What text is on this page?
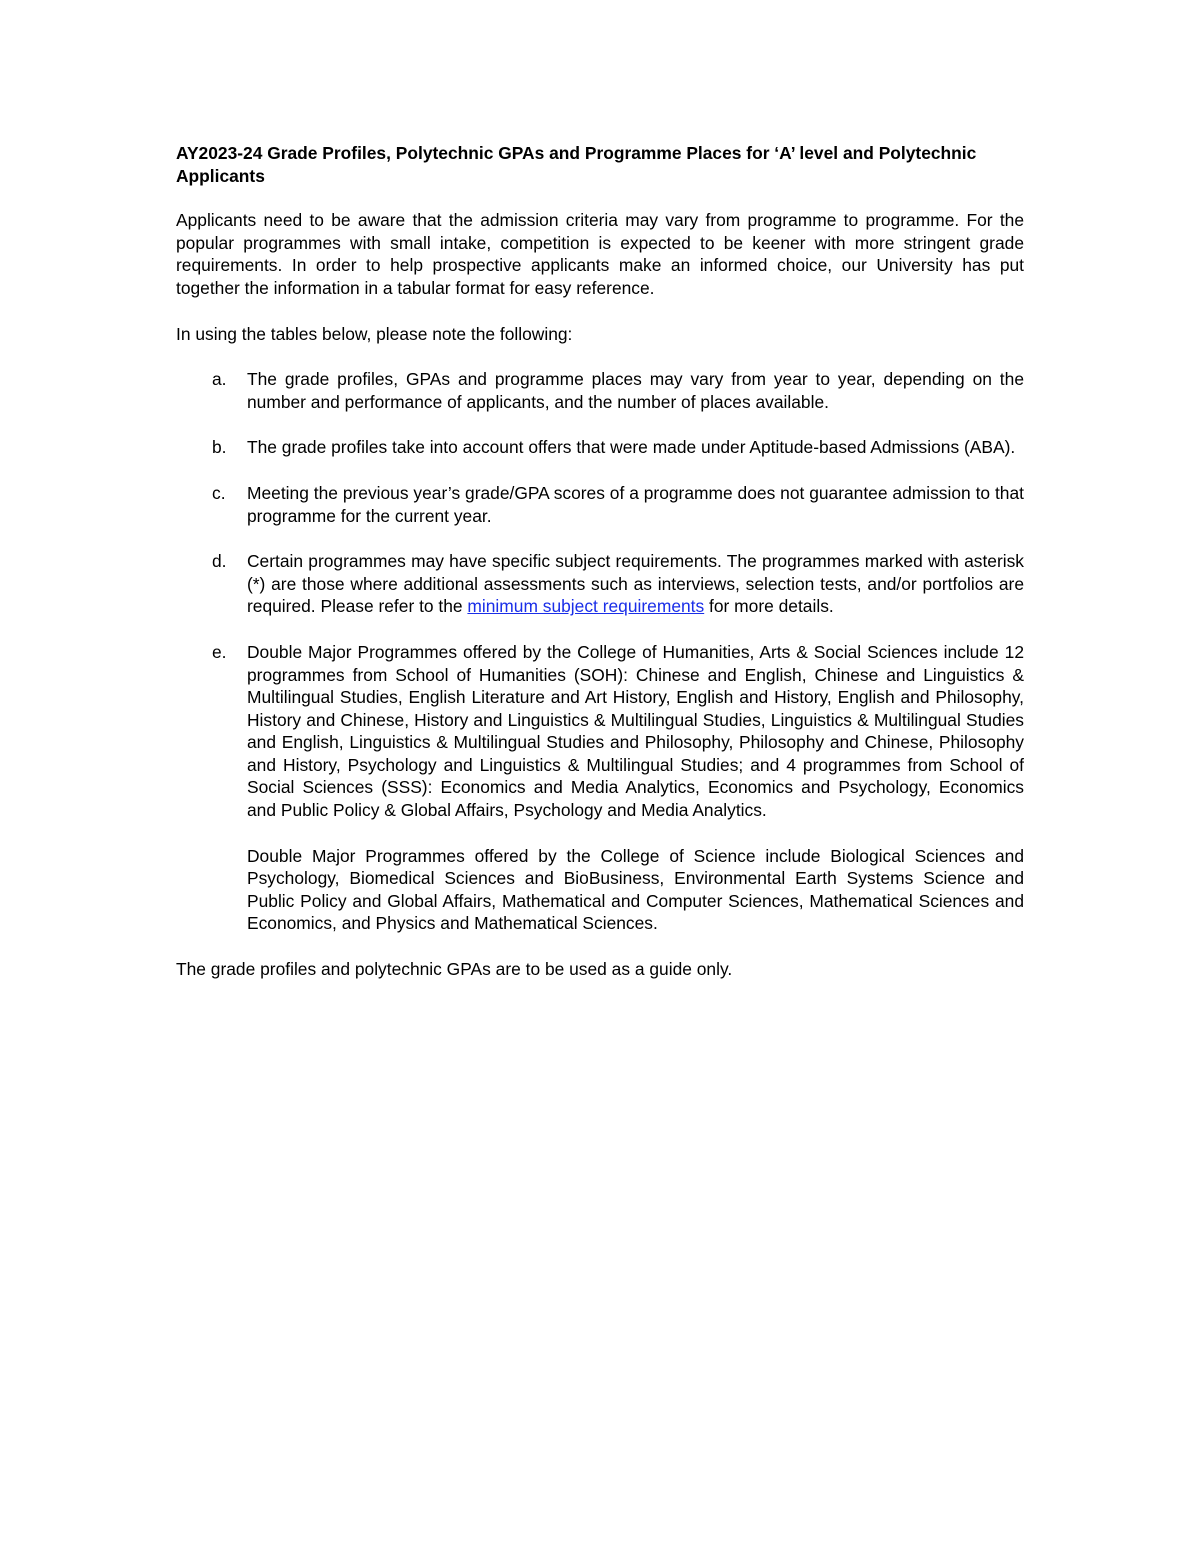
AY2023-24 Grade Profiles, Polytechnic GPAs and Programme Places for ‘A’ level and Polytechnic Applicants

Applicants need to be aware that the admission criteria may vary from programme to programme. For the popular programmes with small intake, competition is expected to be keener with more stringent grade requirements. In order to help prospective applicants make an informed choice, our University has put together the information in a tabular format for easy reference.

In using the tables below, please note the following:

a. The grade profiles, GPAs and programme places may vary from year to year, depending on the number and performance of applicants, and the number of places available.

b. The grade profiles take into account offers that were made under Aptitude-based Admissions (ABA).

c. Meeting the previous year’s grade/GPA scores of a programme does not guarantee admission to that programme for the current year.

d. Certain programmes may have specific subject requirements. The programmes marked with asterisk (*) are those where additional assessments such as interviews, selection tests, and/or portfolios are required. Please refer to the minimum subject requirements for more details.

e. Double Major Programmes offered by the College of Humanities, Arts & Social Sciences include 12 programmes from School of Humanities (SOH): Chinese and English, Chinese and Linguistics & Multilingual Studies, English Literature and Art History, English and History, English and Philosophy, History and Chinese, History and Linguistics & Multilingual Studies, Linguistics & Multilingual Studies and English, Linguistics & Multilingual Studies and Philosophy, Philosophy and Chinese, Philosophy and History, Psychology and Linguistics & Multilingual Studies; and 4 programmes from School of Social Sciences (SSS): Economics and Media Analytics, Economics and Psychology, Economics and Public Policy & Global Affairs, Psychology and Media Analytics.

Double Major Programmes offered by the College of Science include Biological Sciences and Psychology, Biomedical Sciences and BioBusiness, Environmental Earth Systems Science and Public Policy and Global Affairs, Mathematical and Computer Sciences, Mathematical Sciences and Economics, and Physics and Mathematical Sciences.

The grade profiles and polytechnic GPAs are to be used as a guide only.
